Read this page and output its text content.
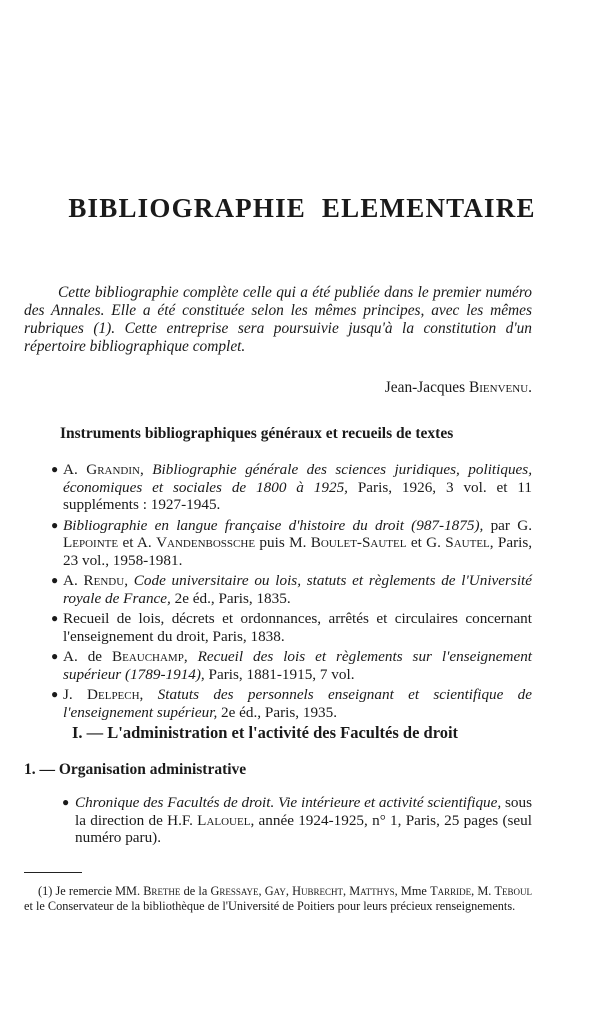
BIBLIOGRAPHIE ELEMENTAIRE

Cette bibliographie complète celle qui a été publiée dans le premier numéro des Annales. Elle a été constituée selon les mêmes principes, avec les mêmes rubriques (1). Cette entreprise sera poursuivie jusqu'à la constitution d'un répertoire bibliographique complet.

Jean-Jacques Bienvenu.
Instruments bibliographiques généraux et recueils de textes
● A. Grandin, Bibliographie générale des sciences juridiques, politiques, économiques et sociales de 1800 à 1925, Paris, 1926, 3 vol. et 11 suppléments : 1927-1945.
● Bibliographie en langue française d'histoire du droit (987-1875), par G. Lepointe et A. Vandenbossche puis M. Boulet-Sautel et G. Sautel, Paris, 23 vol., 1958-1981.
● A. Rendu, Code universitaire ou lois, statuts et règlements de l'Université royale de France, 2e éd., Paris, 1835.
● Recueil de lois, décrets et ordonnances, arrêtés et circulaires concernant l'enseignement du droit, Paris, 1838.
● A. de Beauchamp, Recueil des lois et règlements sur l'enseignement supérieur (1789-1914), Paris, 1881-1915, 7 vol.
● J. Delpech, Statuts des personnels enseignant et scientifique de l'enseignement supérieur, 2e éd., Paris, 1935.
I. — L'administration et l'activité des Facultés de droit
1. — Organisation administrative
● Chronique des Facultés de droit. Vie intérieure et activité scientifique, sous la direction de H.F. Lalouel, année 1924-1925, n° 1, Paris, 25 pages (seul numéro paru).

(1) Je remercie MM. Brethe de la Gressaye, Gay, Hubrecht, Matthys, Mme Tarride, M. Teboul et le Conservateur de la bibliothèque de l'Université de Poitiers pour leurs précieux renseignements.
